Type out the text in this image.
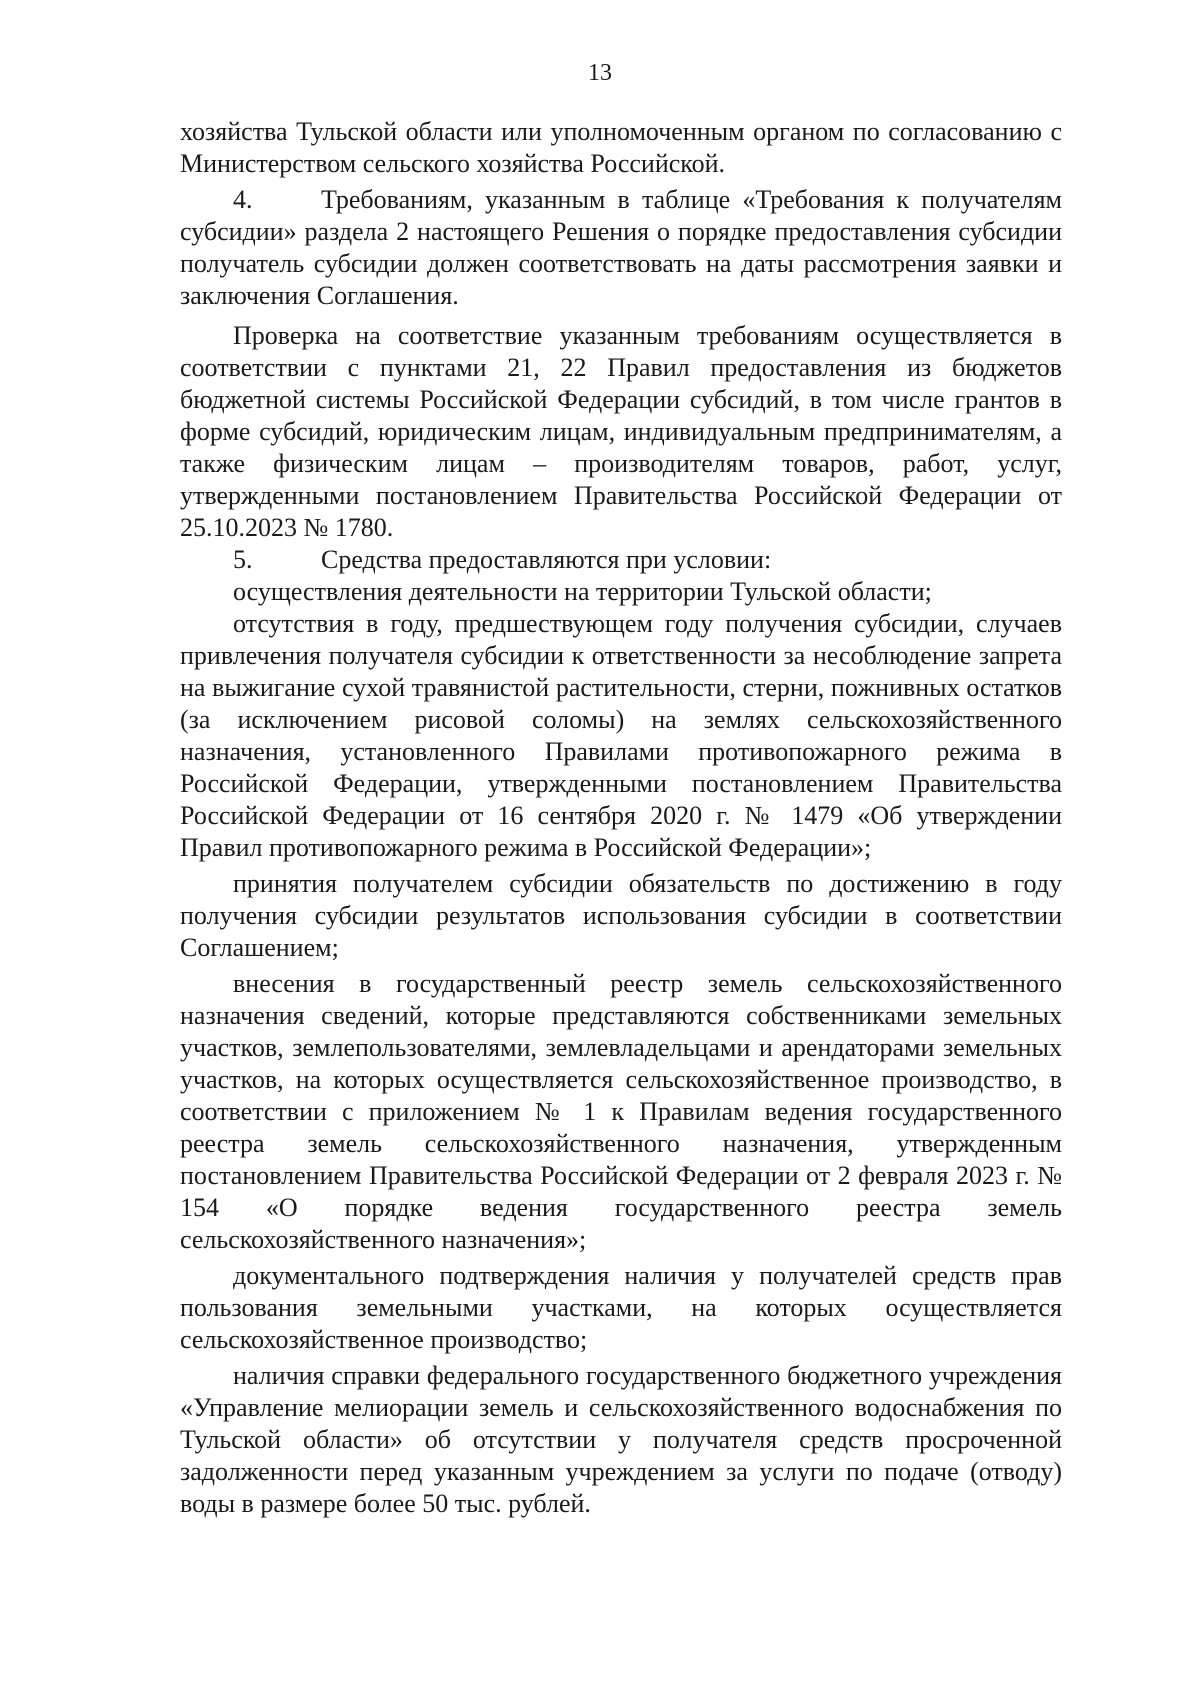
13

хозяйства Тульской области или уполномоченным органом по согласованию с Министерством сельского хозяйства Российской.

4.	Требованиям, указанным в таблице «Требования к получателям субсидии» раздела 2 настоящего Решения о порядке предоставления субсидии получатель субсидии должен соответствовать на даты рассмотрения заявки и заключения Соглашения.

Проверка на соответствие указанным требованиям осуществляется в соответствии с пунктами 21, 22 Правил предоставления из бюджетов бюджетной системы Российской Федерации субсидий, в том числе грантов в форме субсидий, юридическим лицам, индивидуальным предпринимателям, а также физическим лицам – производителям товаров, работ, услуг, утвержденными постановлением Правительства Российской Федерации от 25.10.2023 № 1780.

5.	Средства предоставляются при условии:

осуществления деятельности на территории Тульской области;

отсутствия в году, предшествующем году получения субсидии, случаев привлечения получателя субсидии к ответственности за несоблюдение запрета на выжигание сухой травянистой растительности, стерни, пожнивных остатков (за исключением рисовой соломы) на землях сельскохозяйственного назначения, установленного Правилами противопожарного режима в Российской Федерации, утвержденными постановлением Правительства Российской Федерации от 16 сентября 2020 г. № 1479 «Об утверждении Правил противопожарного режима в Российской Федерации»;

принятия получателем субсидии обязательств по достижению в году получения субсидии результатов использования субсидии в соответствии Соглашением;

внесения в государственный реестр земель сельскохозяйственного назначения сведений, которые представляются собственниками земельных участков, землепользователями, землевладельцами и арендаторами земельных участков, на которых осуществляется сельскохозяйственное производство, в соответствии с приложением № 1 к Правилам ведения государственного реестра земель сельскохозяйственного назначения, утвержденным постановлением Правительства Российской Федерации от 2 февраля 2023 г. № 154 «О порядке ведения государственного реестра земель сельскохозяйственного назначения»;

документального подтверждения наличия у получателей средств прав пользования земельными участками, на которых осуществляется сельскохозяйственное производство;

наличия справки федерального государственного бюджетного учреждения «Управление мелиорации земель и сельскохозяйственного водоснабжения по Тульской области» об отсутствии у получателя средств просроченной задолженности перед указанным учреждением за услуги по подаче (отводу) воды в размере более 50 тыс. рублей.
